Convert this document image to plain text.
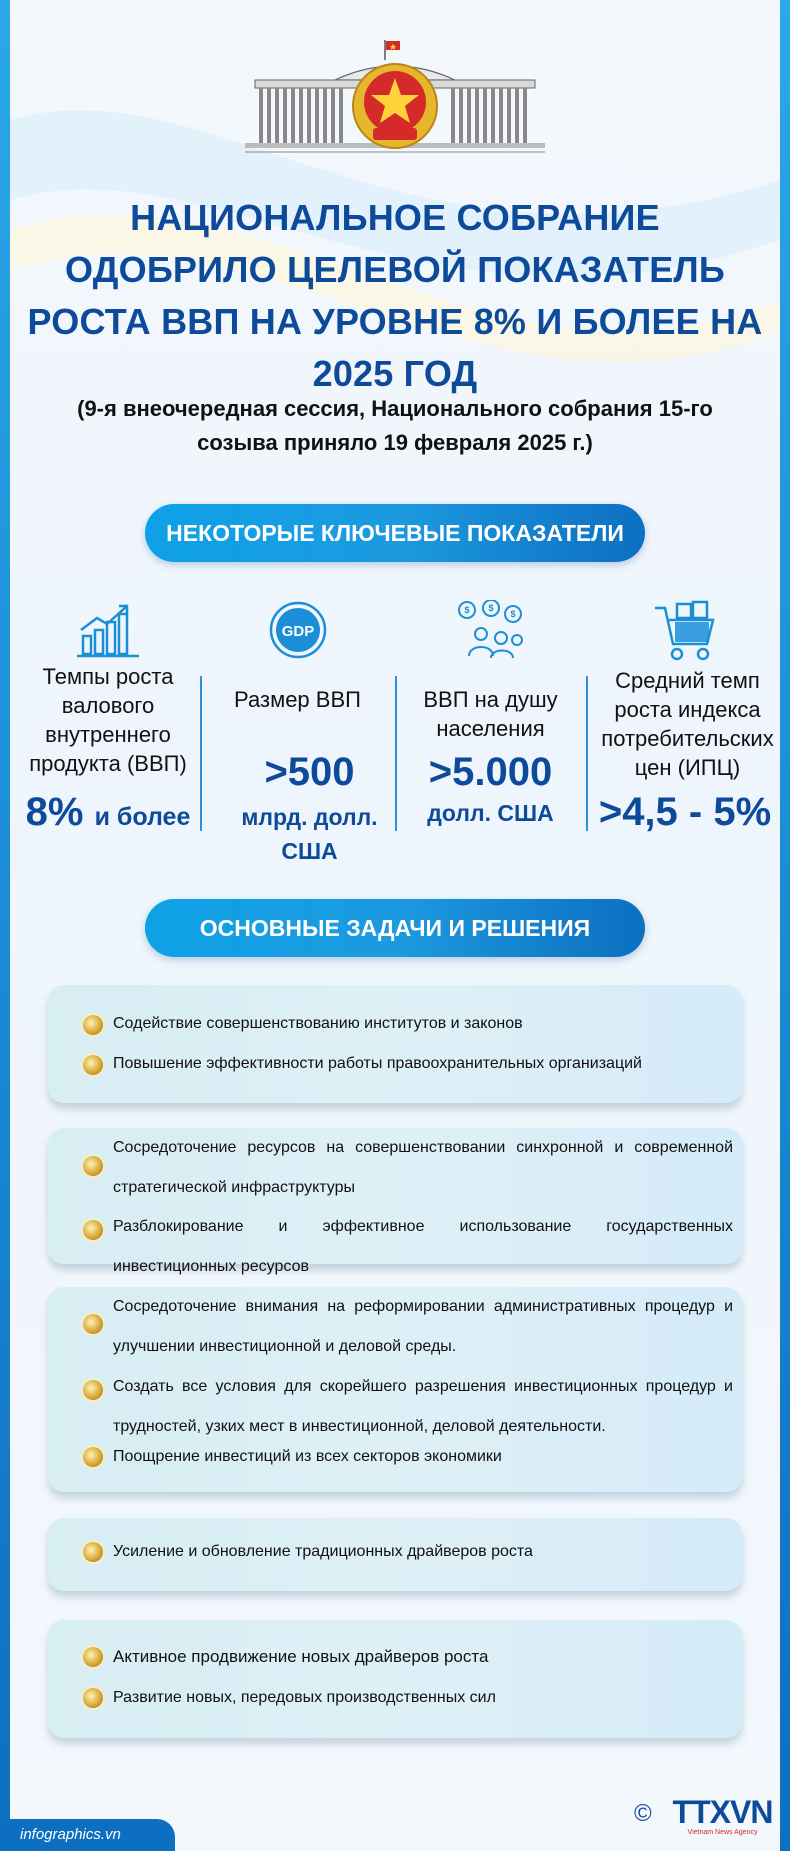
НАЦИОНАЛЬНОЕ СОБРАНИЕ ОДОБРИЛО ЦЕЛЕВОЙ ПОКАЗАТЕЛЬ РОСТА ВВП НА УРОВНЕ 8% И БОЛЕЕ НА 2025 ГОД
(9-я внеочередная сессия, Национального собрания 15-го созыва приняло 19 февраля 2025 г.)
НЕКОТОРЫЕ КЛЮЧЕВЫЕ ПОКАЗАТЕЛИ
Темпы роста валового внутреннего продукта (ВВП)
8% и более
GDP
Размер ВВП
>500
млрд. долл. США
$ $
$
ВВП на душу населения
>5.000
долл. США
Средний темп роста индекса потребительских цен (ИПЦ)
>4,5 - 5%
ОСНОВНЫЕ ЗАДАЧИ И РЕШЕНИЯ
Содействие совершенствованию институтов и законов
Повышение эффективности работы правоохранительных организаций
Сосредоточение ресурсов на совершенствовании синхронной и современной стратегической инфраструктуры
Разблокирование и эффективное использование государственных инвестиционных ресурсов
Сосредоточение внимания на реформировании административных процедур и улучшении инвестиционной и деловой среды.
Создать все условия для скорейшего разрешения инвестиционных процедур и трудностей, узких мест в инвестиционной, деловой деятельности.
Поощрение инвестиций из всех секторов экономики
Усиление и обновление традиционных драйверов роста
Активное продвижение новых драйверов роста
Развитие новых, передовых производственных сил
infographics.vn
© TTXVN
Vietnam News Agency
